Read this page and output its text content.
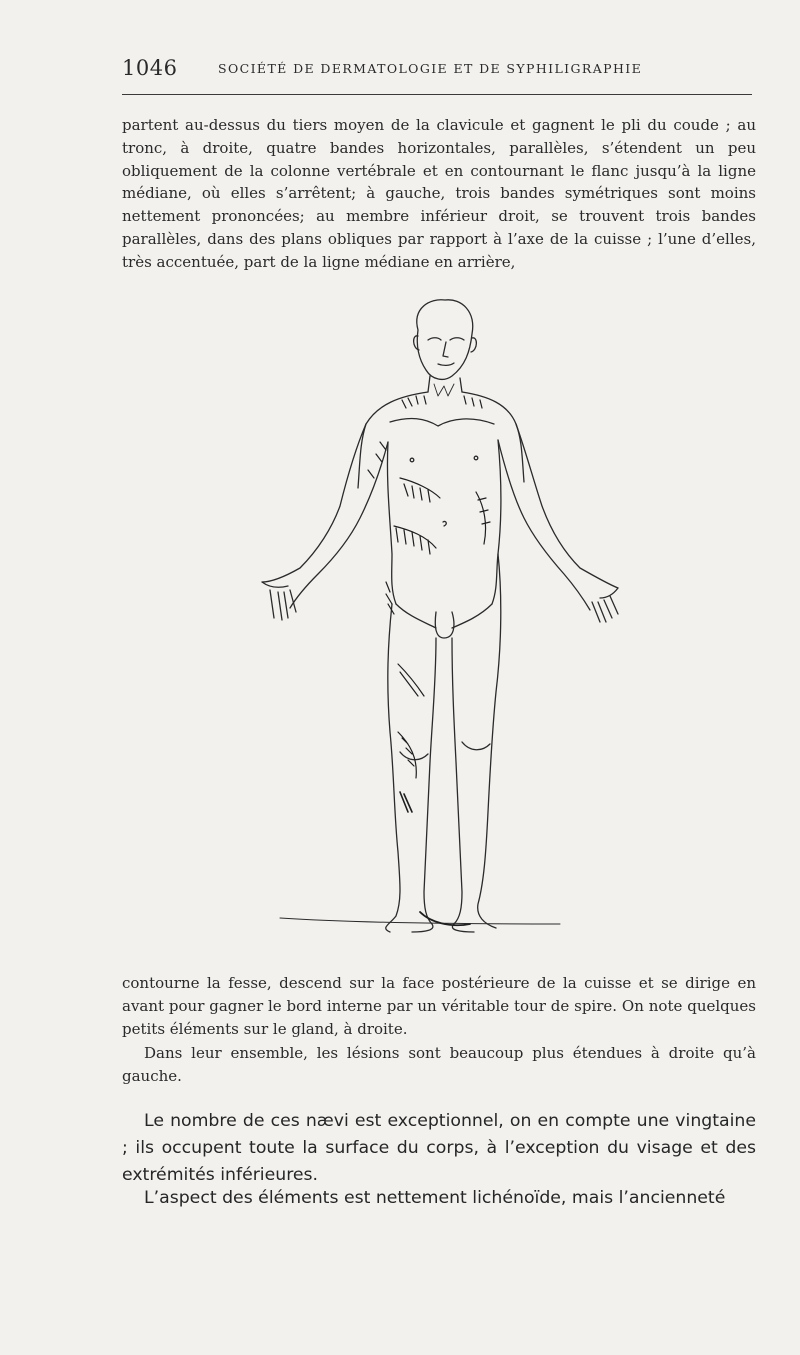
1046	SOCIÉTÉ DE DERMATOLOGIE ET DE SYPHILIGRAPHIE

partent au-dessus du tiers moyen de la clavicule et gagnent le pli du coude ; au tronc, à droite, quatre bandes horizontales, parallèles, s’étendent un peu obliquement de la colonne vertébrale et en contournant le flanc jusqu’à la ligne médiane, où elles s’arrêtent; à gauche, trois bandes symétriques sont moins nettement prononcées; au membre inférieur droit, se trouvent trois bandes parallèles, dans des plans obliques par rapport à l’axe de la cuisse ; l’une d’elles, très accentuée, part de la ligne médiane en arrière,

contourne la fesse, descend sur la face postérieure de la cuisse et se dirige en avant pour gagner le bord interne par un véritable tour de spire. On note quelques petits éléments sur le gland, à droite.

Dans leur ensemble, les lésions sont beaucoup plus étendues à droite qu’à gauche.

Le nombre de ces nævi est exceptionnel, on en compte une vingtaine ; ils occupent toute la surface du corps, à l’exception du visage et des extrémités inférieures.

L’aspect des éléments est nettement lichénoïde, mais l’ancienneté
